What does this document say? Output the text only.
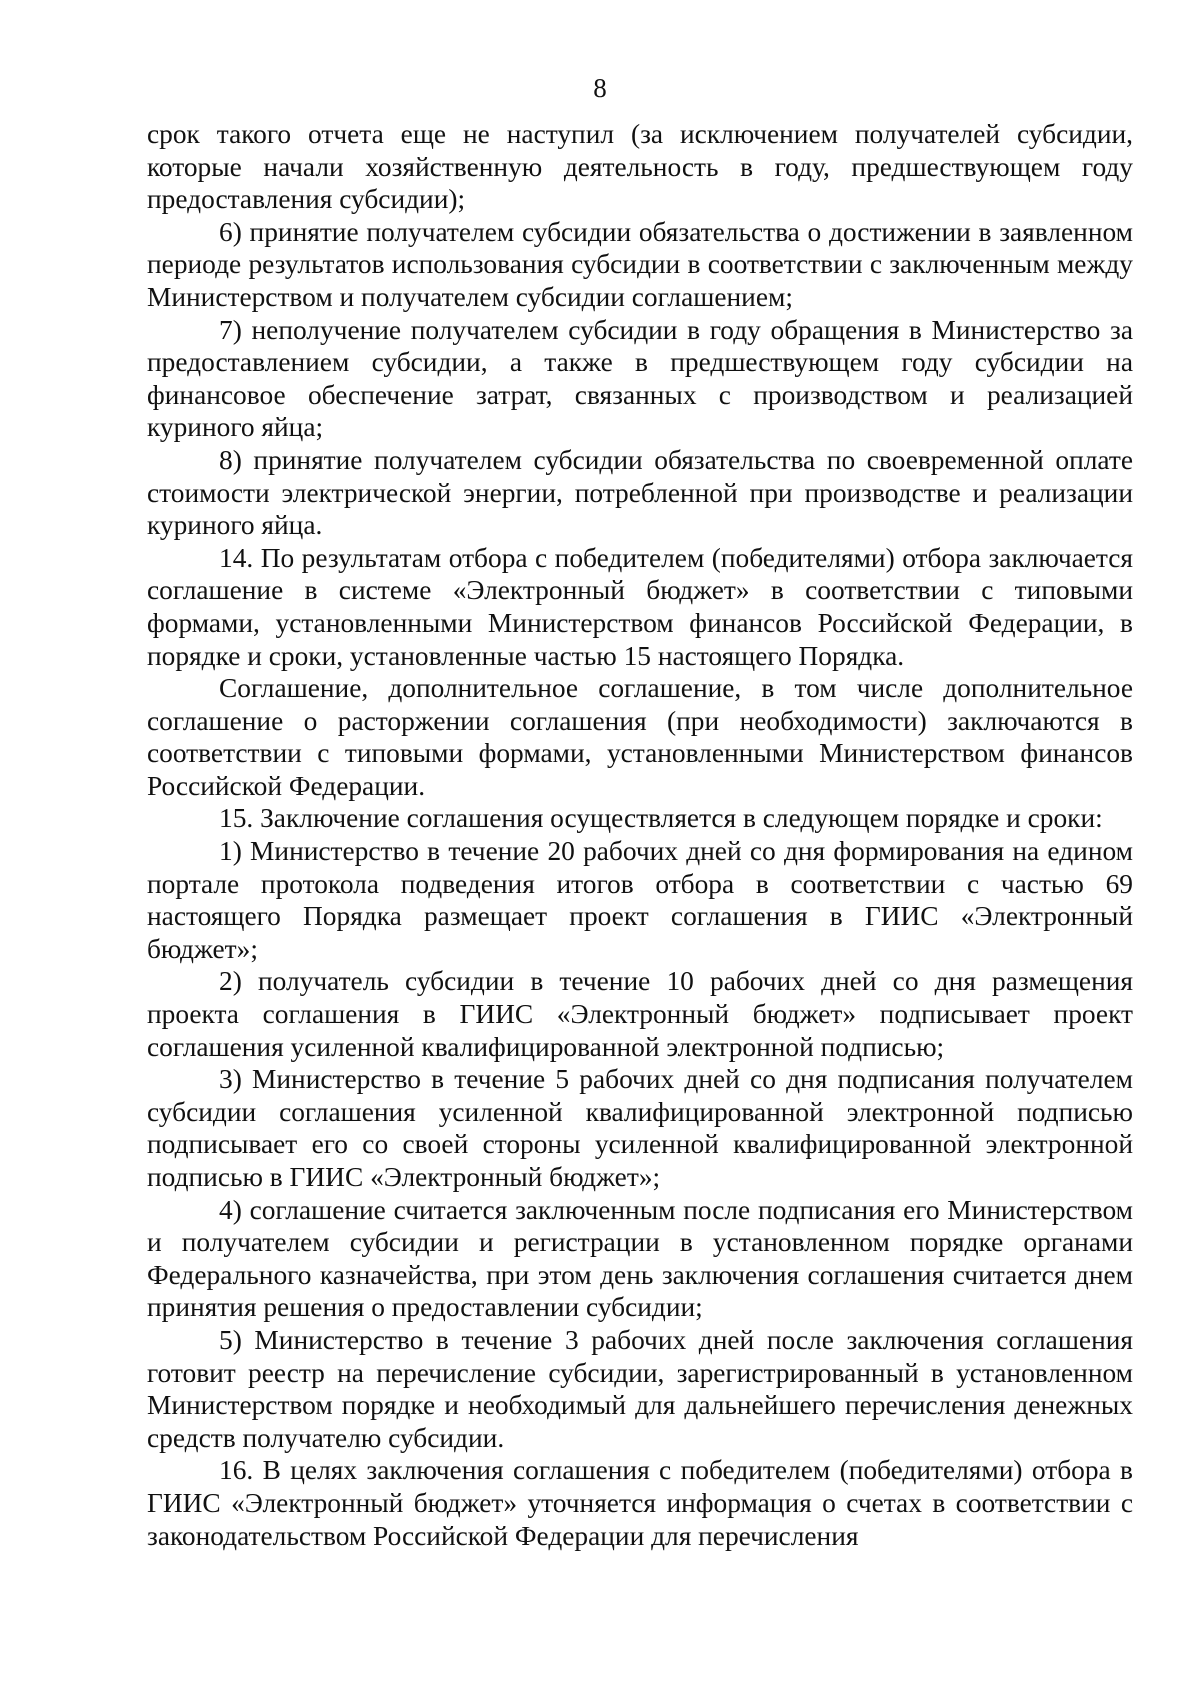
8

срок такого отчета еще не наступил (за исключением получателей субсидии, которые начали хозяйственную деятельность в году, предшествующем году предоставления субсидии);

6) принятие получателем субсидии обязательства о достижении в заявленном периоде результатов использования субсидии в соответствии с заключенным между Министерством и получателем субсидии соглашением;

7) неполучение получателем субсидии в году обращения в Министерство за предоставлением субсидии, а также в предшествующем году субсидии на финансовое обеспечение затрат, связанных с производством и реализацией куриного яйца;

8) принятие получателем субсидии обязательства по своевременной оплате стоимости электрической энергии, потребленной при производстве и реализации куриного яйца.

14. По результатам отбора с победителем (победителями) отбора заключается соглашение в системе «Электронный бюджет» в соответствии с типовыми формами, установленными Министерством финансов Российской Федерации, в порядке и сроки, установленные частью 15 настоящего Порядка.

Соглашение, дополнительное соглашение, в том числе дополнительное соглашение о расторжении соглашения (при необходимости) заключаются в соответствии с типовыми формами, установленными Министерством финансов Российской Федерации.

15. Заключение соглашения осуществляется в следующем порядке и сроки:

1) Министерство в течение 20 рабочих дней со дня формирования на едином портале протокола подведения итогов отбора в соответствии с частью 69 настоящего Порядка размещает проект соглашения в ГИИС «Электронный бюджет»;

2) получатель субсидии в течение 10 рабочих дней со дня размещения проекта соглашения в ГИИС «Электронный бюджет» подписывает проект соглашения усиленной квалифицированной электронной подписью;

3) Министерство в течение 5 рабочих дней со дня подписания получателем субсидии соглашения усиленной квалифицированной электронной подписью подписывает его со своей стороны усиленной квалифицированной электронной подписью в ГИИС «Электронный бюджет»;

4) соглашение считается заключенным после подписания его Министерством и получателем субсидии и регистрации в установленном порядке органами Федерального казначейства, при этом день заключения соглашения считается днем принятия решения о предоставлении субсидии;

5) Министерство в течение 3 рабочих дней после заключения соглашения готовит реестр на перечисление субсидии, зарегистрированный в установленном Министерством порядке и необходимый для дальнейшего перечисления денежных средств получателю субсидии.

16. В целях заключения соглашения с победителем (победителями) отбора в ГИИС «Электронный бюджет» уточняется информация о счетах в соответствии с законодательством Российской Федерации для перечисления
